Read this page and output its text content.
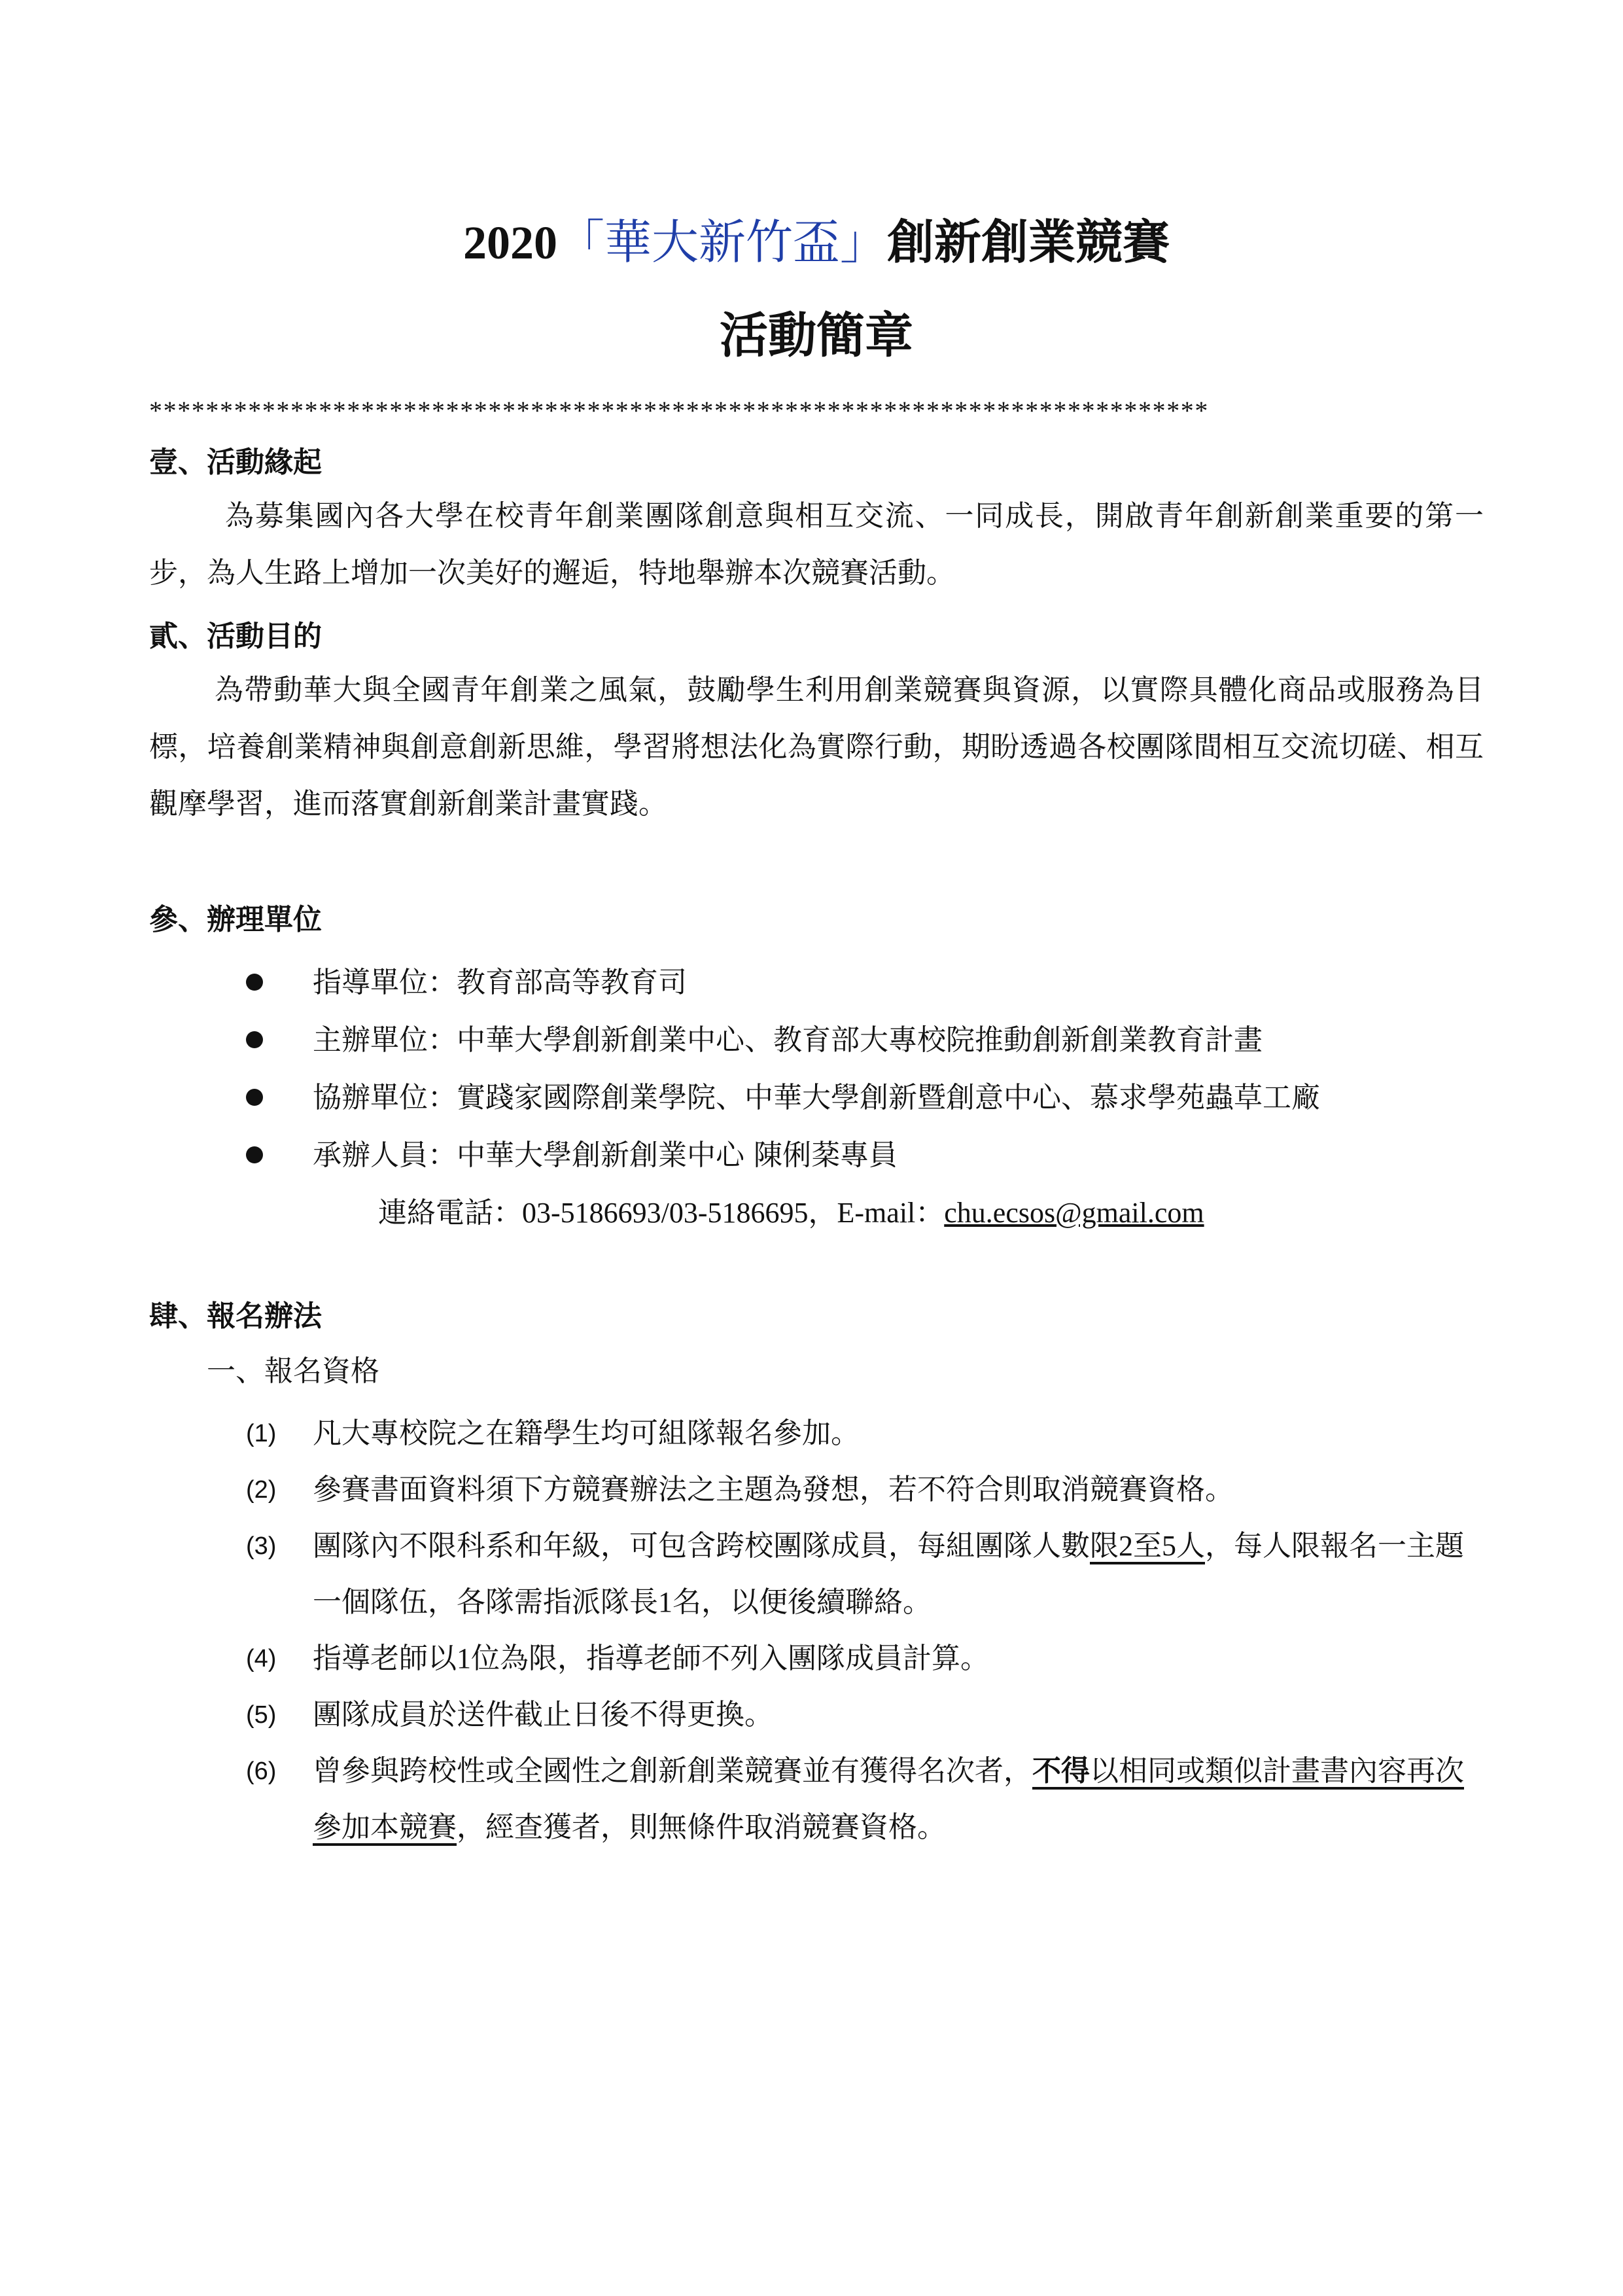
2020「華大新竹盃」創新創業競賽
活動簡章
***************************************************************************
壹、活動緣起
為募集國內各大學在校青年創業團隊創意與相互交流、一同成長，開啟青年創新創業重要的第一步，為人生路上增加一次美好的邂逅，特地舉辦本次競賽活動。
貳、活動目的
為帶動華大與全國青年創業之風氣，鼓勵學生利用創業競賽與資源，以實際具體化商品或服務為目標，培養創業精神與創意創新思維，學習將想法化為實際行動，期盼透過各校團隊間相互交流切磋、相互觀摩學習，進而落實創新創業計畫實踐。
參、辦理單位
指導單位：教育部高等教育司
主辦單位：中華大學創新創業中心、教育部大專校院推動創新創業教育計畫
協辦單位：實踐家國際創業學院、中華大學創新暨創意中心、慕求學苑蟲草工廠
承辦人員：中華大學創新創業中心 陳俐棻專員
連絡電話：03-5186693/03-5186695，E-mail：chu.ecsos@gmail.com
肆、報名辦法
一、報名資格
(1) 凡大專校院之在籍學生均可組隊報名參加。
(2) 參賽書面資料須下方競賽辦法之主題為發想，若不符合則取消競賽資格。
(3) 團隊內不限科系和年級，可包含跨校團隊成員，每組團隊人數限2至5人，每人限報名一主題一個隊伍，各隊需指派隊長1名，以便後續聯絡。
(4) 指導老師以1位為限，指導老師不列入團隊成員計算。
(5) 團隊成員於送件截止日後不得更換。
(6) 曾參與跨校性或全國性之創新創業競賽並有獲得名次者，不得以相同或類似計畫書內容再次參加本競賽，經查獲者，則無條件取消競賽資格。
